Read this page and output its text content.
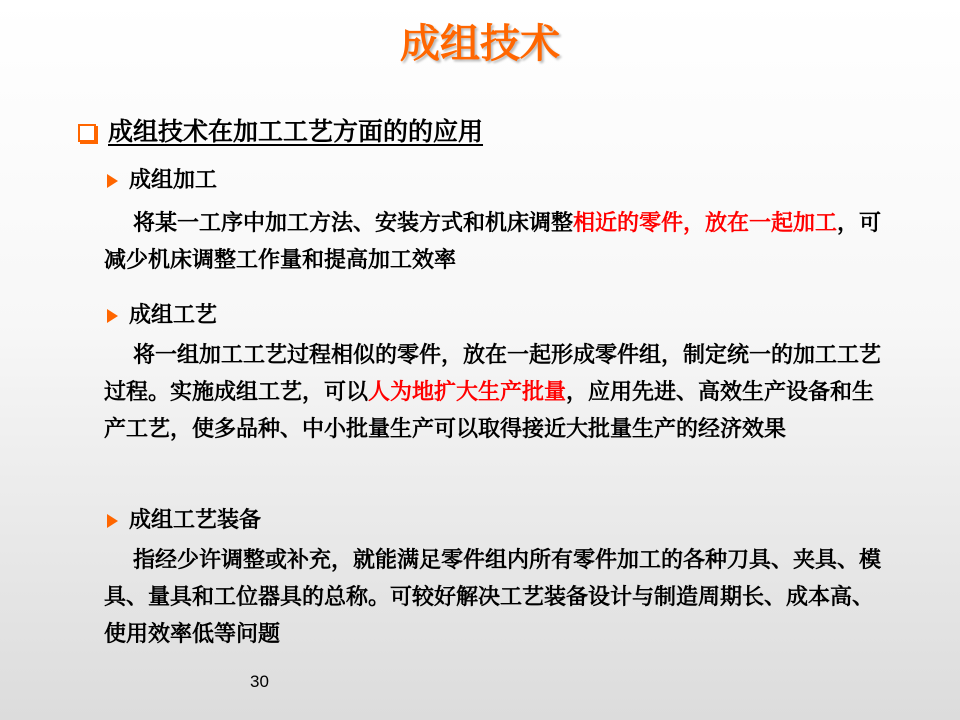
成组技术
成组技术在加工工艺方面的的应用
成组加工
将某一工序中加工方法、安装方式和机床调整相近的零件，放在一起加工，可减少机床调整工作量和提高加工效率
成组工艺
将一组加工工艺过程相似的零件，放在一起形成零件组，制定统一的加工工艺过程。实施成组工艺，可以人为地扩大生产批量，应用先进、高效生产设备和生产工艺，使多品种、中小批量生产可以取得接近大批量生产的经济效果
成组工艺装备
指经少许调整或补充，就能满足零件组内所有零件加工的各种刀具、夹具、模具、量具和工位器具的总称。可较好解决工艺装备设计与制造周期长、成本高、使用效率低等问题
30
